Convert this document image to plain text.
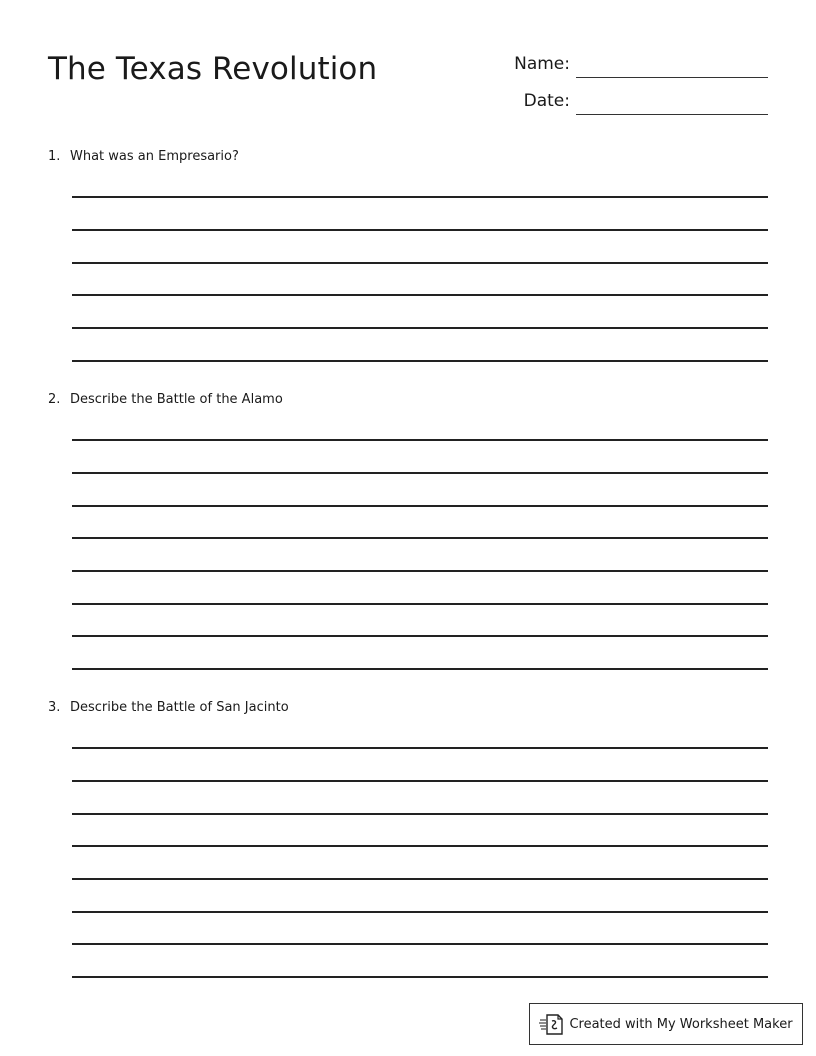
The Texas Revolution	Name:
Date:
1. What was an Empresario?
2. Describe the Battle of the Alamo
3. Describe the Battle of San Jacinto
Created with My Worksheet Maker
